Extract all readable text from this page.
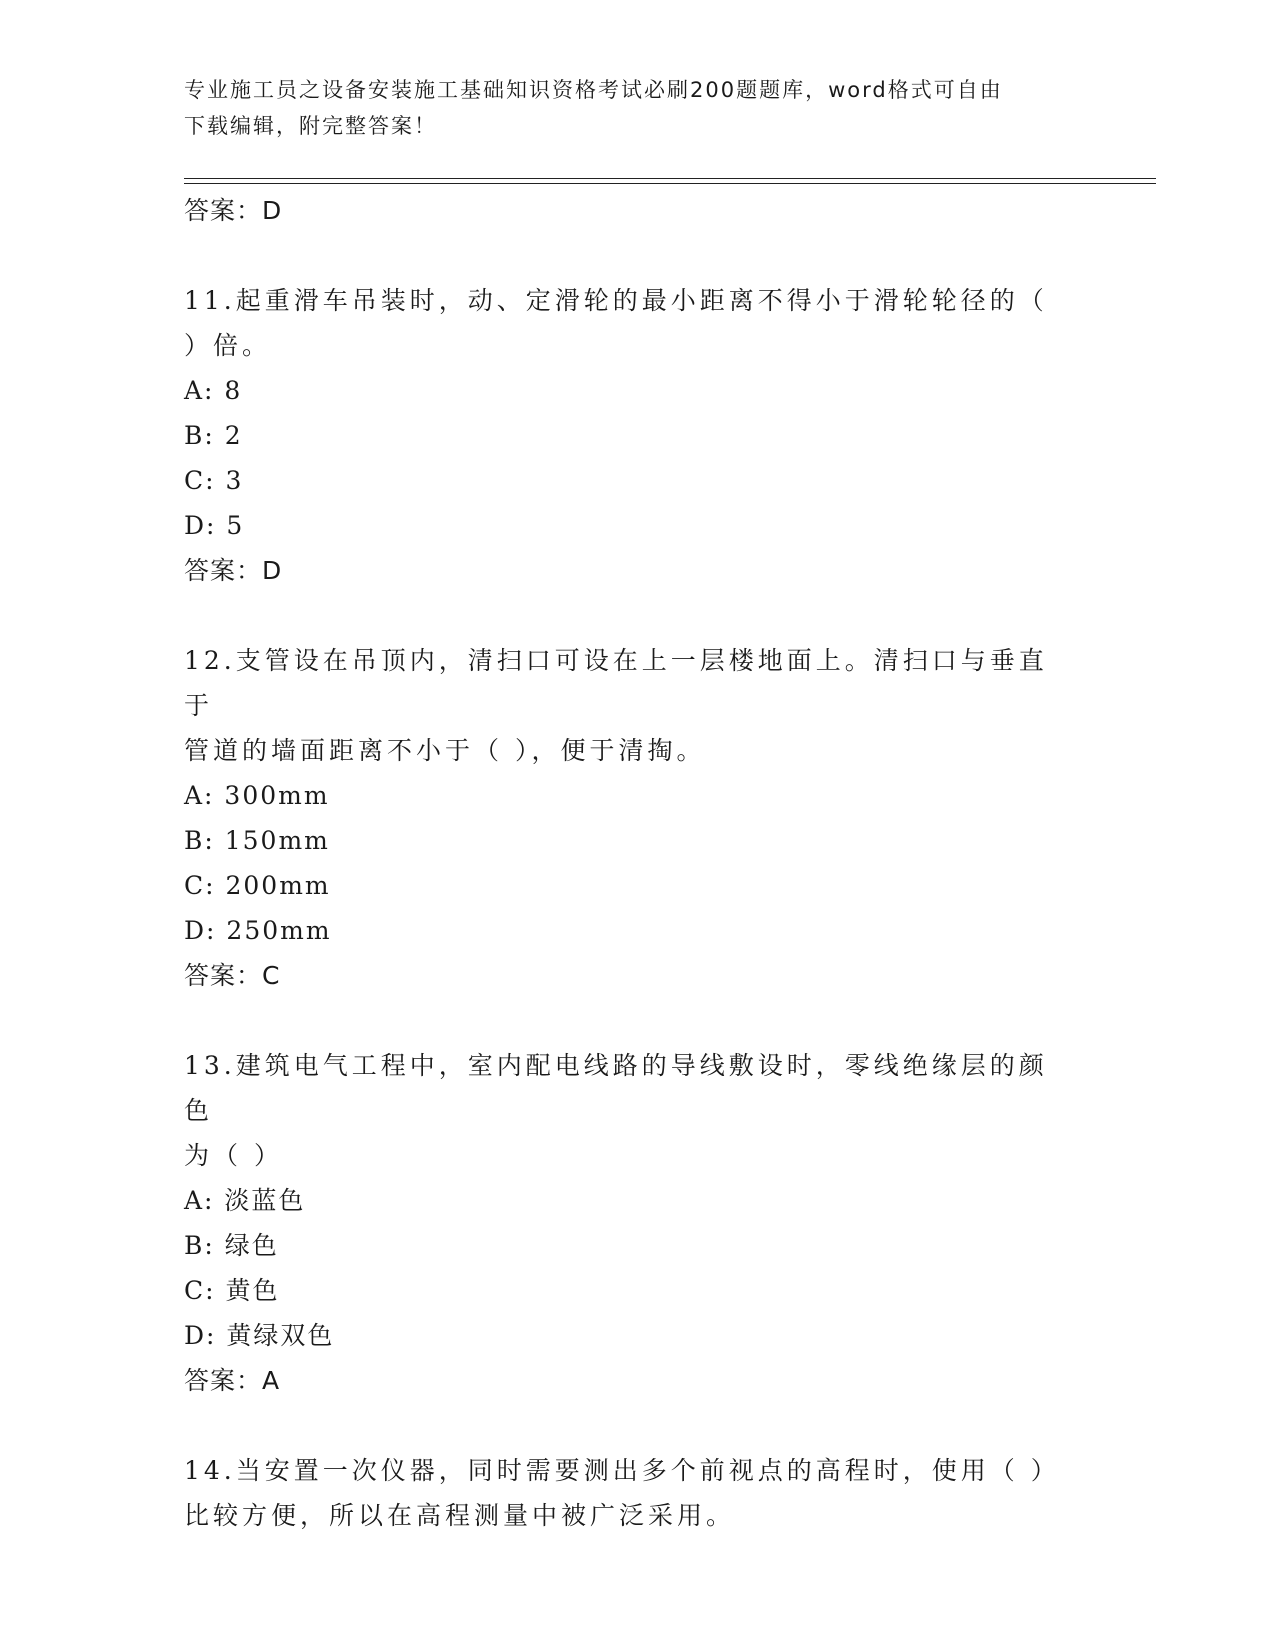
专业施工员之设备安装施工基础知识资格考试必刷200题题库，word格式可自由
下载编辑，附完整答案！
答案：D
11.起重滑车吊装时，动、定滑轮的最小距离不得小于滑轮轮径的（
）倍。
A: 8
B: 2
C: 3
D: 5
答案：D
12.支管设在吊顶内，清扫口可设在上一层楼地面上。清扫口与垂直于
管道的墙面距离不小于（ ），便于清掏。
A: 300mm
B: 150mm
C: 200mm
D: 250mm
答案：C
13.建筑电气工程中，室内配电线路的导线敷设时，零线绝缘层的颜色
为（ ）
A: 淡蓝色
B: 绿色
C: 黄色
D: 黄绿双色
答案：A
14.当安置一次仪器，同时需要测出多个前视点的高程时，使用（ ）
比较方便，所以在高程测量中被广泛采用。
